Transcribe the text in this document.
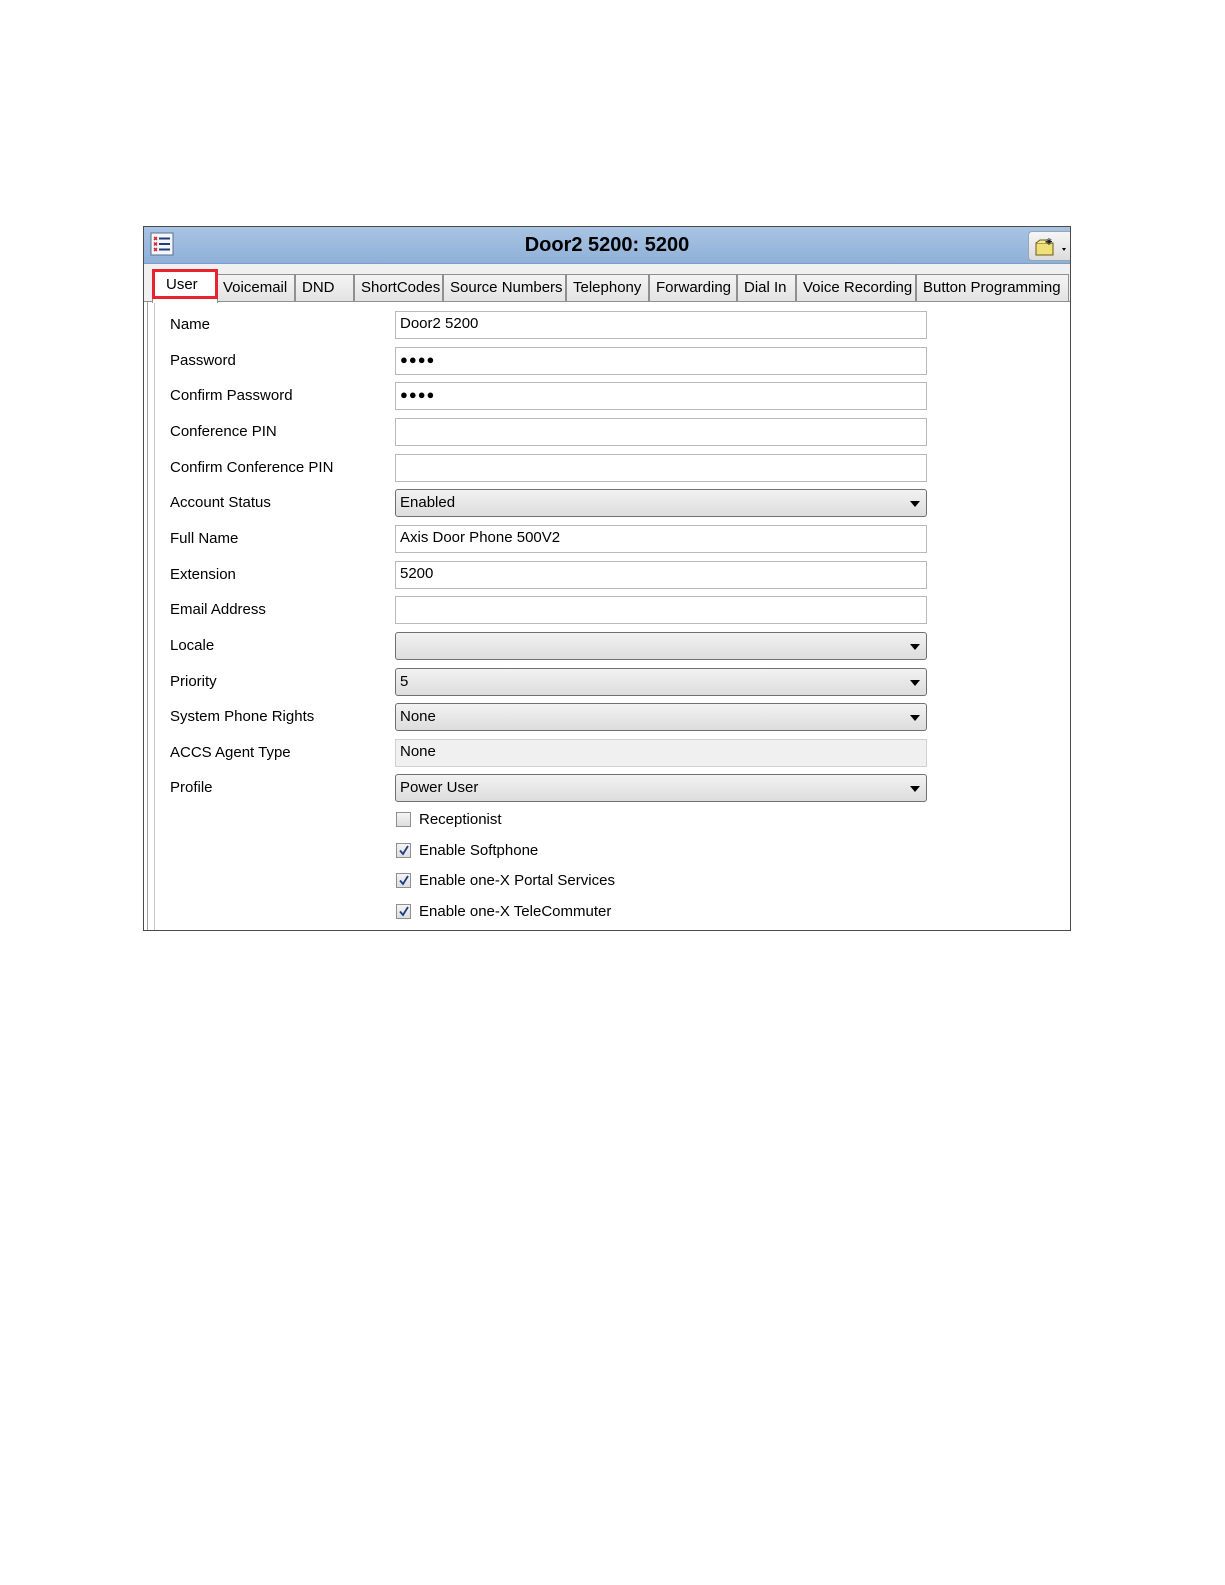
Door2 5200: 5200
User	Voicemail DND	ShortCodes Source Numbers Telephony Forwarding Dial In	Voice Recording Button Programming
Name	Door2 5200
Password	●●●●
Confirm Password	●●●●
Conference PIN
Confirm Conference PIN
Account Status	Enabled
Full Name	Axis Door Phone 500V2
Extension	5200
Email Address
Locale
Priority	5
System Phone Rights	None
ACCS Agent Type	None
Profile	Power User
Receptionist
Enable Softphone
Enable one-X Portal Services
Enable one-X TeleCommuter
